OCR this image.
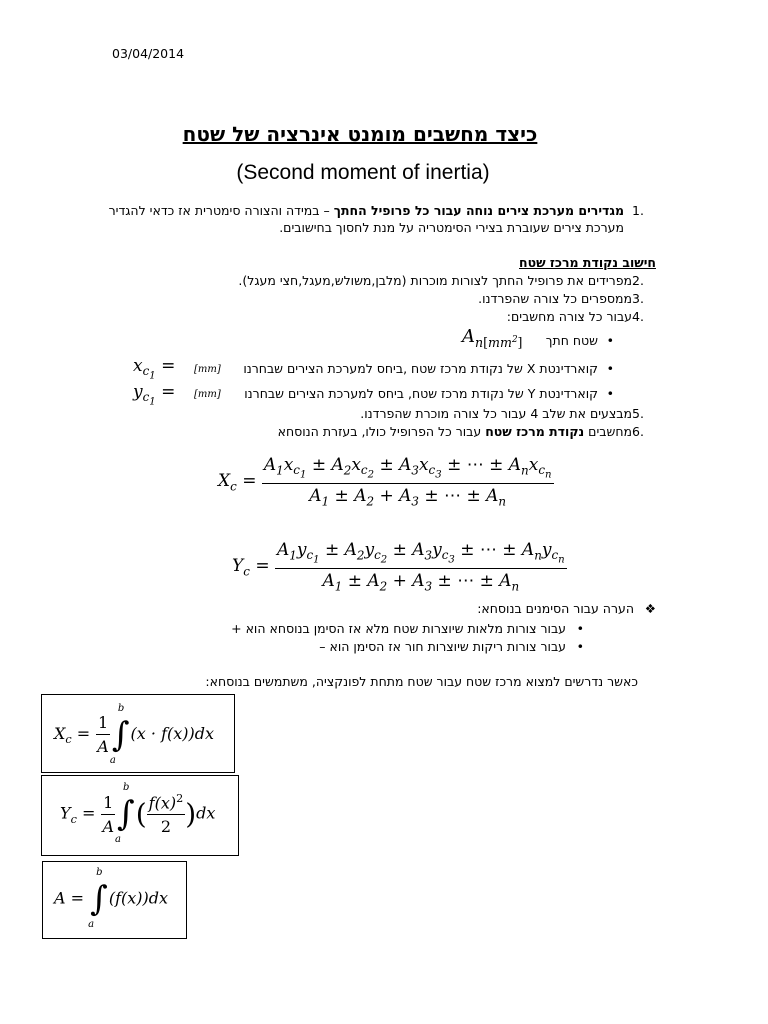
03/04/2014
כיצד מחשבים מומנט אינרציה של שטח
(Second moment of inertia)
מגדירים מערכת צירים נוחה עבור כל פרופיל החתך – במידה והצורה סימטרית אז כדאי להגדיר	1.
מערכת צירים שעוברת בצירי הסימטריה על מנת לחסוך בחישובים.
חישוב נקודת מרכז שטח
2.
מפרידים את פרופיל החתך לצורות מוכרות (מלבן,משולש,מעגל,חצי מעגל).
3.
ממספרים כל צורה שהפרדנו.
4.
עבור כל צורה מחשבים:
•
שטח חתך
$A_{n[mm^2]}$
•
קוארדינטת X של נקודת מרכז שטח ,ביחס למערכת הצירים שבחרנו
[mm]
$x_{c_1}$ =
•
קוארדינטת Y של נקודת מרכז שטח, ביחס למערכת הצירים שבחרנו
[mm]
$y_{c_1}$ =
5.
מבצעים את שלב 4 עבור כל צורה מוכרת שהפרדנו.
6.
מחשבים נקודת מרכז שטח עבור כל הפרופיל כולו, בעזרת הנוסחא
$X_c = \frac{A_1x_{c_1} \pm A_2x_{c_2} \pm A_3x_{c_3} \pm \cdots \pm A_nx_{c_n}}{A_1 \pm A_2 + A_3 \pm \cdots \pm A_n}$
$Y_c = \frac{A_1y_{c_1} \pm A_2y_{c_2} \pm A_3y_{c_3} \pm \cdots \pm A_ny_{c_n}}{A_1 \pm A_2 + A_3 \pm \cdots \pm A_n}$
❖
הערה עבור הסימנים בנוסחא:
•
עבור צורות מלאות שיוצרות שטח מלא אז הסימן בנוסחא הוא +
•
עבור צורות ריקות שיוצרות חור אז הסימן הוא –
כאשר נדרשים למצוא מרכז שטח עבור שטח מתחת לפונקציה, משתמשים בנוסחא:
$X_c = \frac{1}{A}$ ∫
b
a
(x · f(x))dx
$Y_c = \frac{1}{A}$ ∫
b
a
( $\frac{f(x)^2}{2} )dx$
A = ∫
b
a
(f(x))dx
